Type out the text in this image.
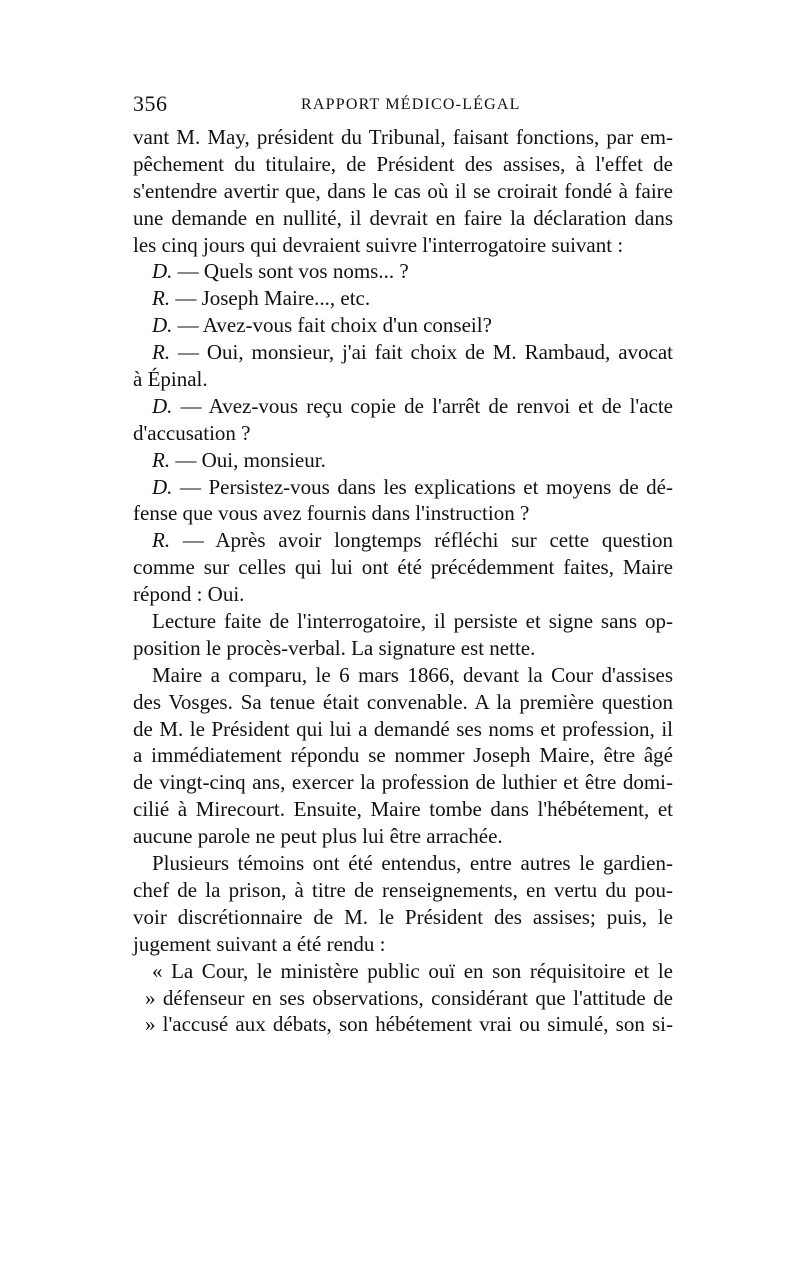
356	RAPPORT MÉDICO-LÉGAL
vant M. May, président du Tribunal, faisant fonctions, par em-
pêchement du titulaire, de Président des assises, à l'effet de
s'entendre avertir que, dans le cas où il se croirait fondé à faire
une demande en nullité, il devrait en faire la déclaration dans
les cinq jours qui devraient suivre l'interrogatoire suivant :
D. — Quels sont vos noms... ?
R. — Joseph Maire..., etc.
D. — Avez-vous fait choix d'un conseil?
R. — Oui, monsieur, j'ai fait choix de M. Rambaud, avocat
à Épinal.
D. — Avez-vous reçu copie de l'arrêt de renvoi et de l'acte
d'accusation ?
R. — Oui, monsieur.
D. — Persistez-vous dans les explications et moyens de dé-
fense que vous avez fournis dans l'instruction ?
R. — Après avoir longtemps réfléchi sur cette question
comme sur celles qui lui ont été précédemment faites, Maire
répond : Oui.
Lecture faite de l'interrogatoire, il persiste et signe sans op-
position le procès-verbal. La signature est nette.
Maire a comparu, le 6 mars 1866, devant la Cour d'assises
des Vosges. Sa tenue était convenable. A la première question
de M. le Président qui lui a demandé ses noms et profession, il
a immédiatement répondu se nommer Joseph Maire, être âgé
de vingt-cinq ans, exercer la profession de luthier et être domi-
cilié à Mirecourt. Ensuite, Maire tombe dans l'hébétement, et
aucune parole ne peut plus lui être arrachée.
Plusieurs témoins ont été entendus, entre autres le gardien-
chef de la prison, à titre de renseignements, en vertu du pou-
voir discrétionnaire de M. le Président des assises; puis, le
jugement suivant a été rendu :
« La Cour, le ministère public ouï en son réquisitoire et le
» défenseur en ses observations, considérant que l'attitude de
» l'accusé aux débats, son hébétement vrai ou simulé, son si-
